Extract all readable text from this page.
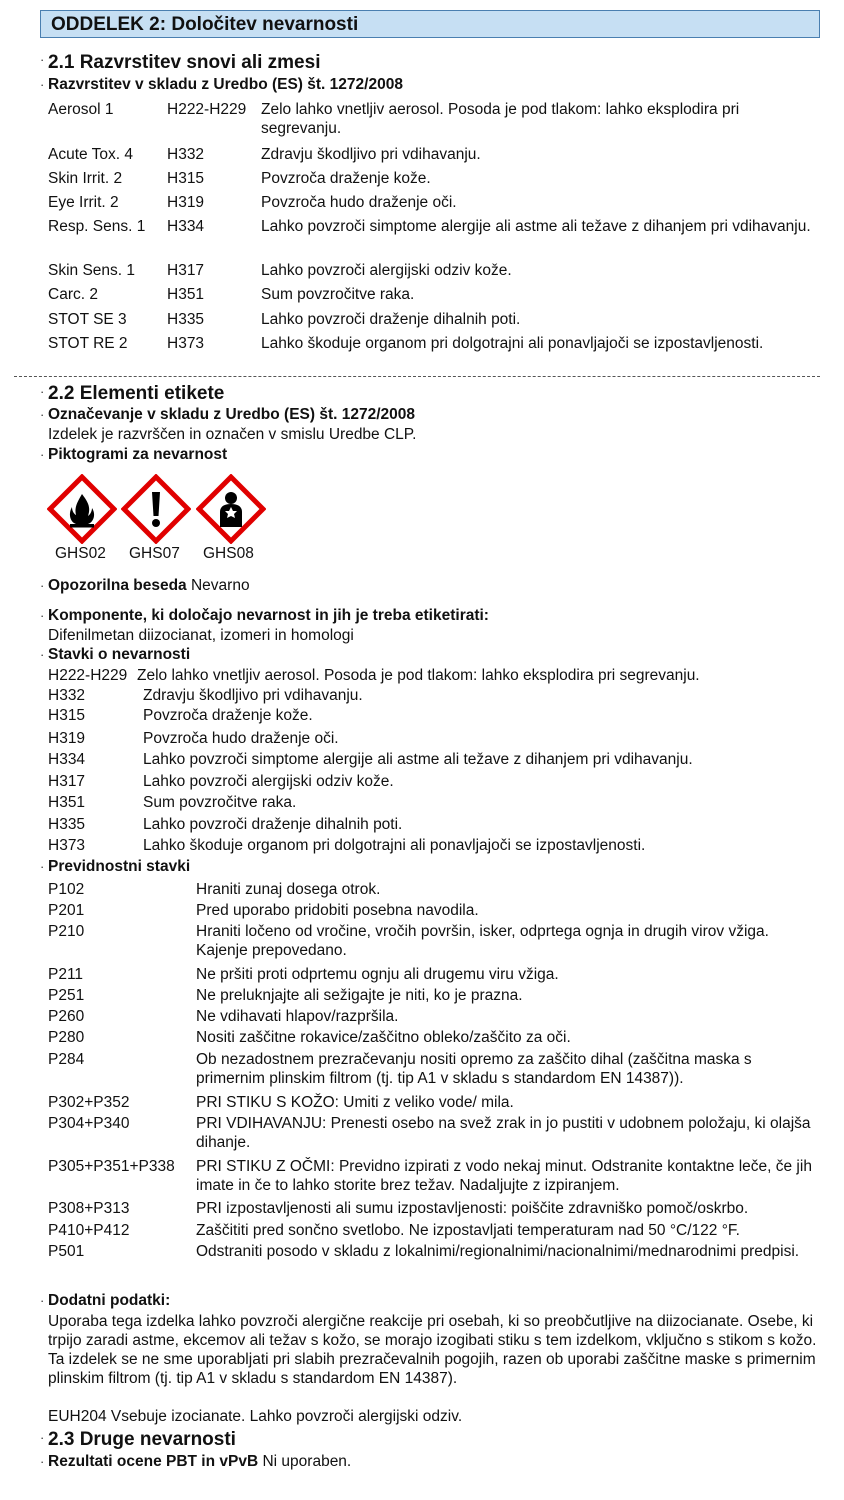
ODDELEK 2: Določitev nevarnosti
· 2.1 Razvrstitev snovi ali zmesi
· Razvrstitev v skladu z Uredbo (ES) št. 1272/2008
· 2.2 Elementi etikete
· Označevanje v skladu z Uredbo (ES) št. 1272/2008
Izdelek je razvrščen in označen v smislu Uredbe CLP.
· Piktogrami za nevarnost
GHS02 GHS07 GHS08
· Opozorilna beseda Nevarno
· Komponente, ki določajo nevarnost in jih je treba etiketirati:
Difenilmetan diizocianat, izomeri in homologi
· Stavki o nevarnosti
· Previdnostni stavki
· Dodatni podatki:
Uporaba tega izdelka lahko povzroči alergične reakcije pri osebah, ki so preobčutljive na diizocianate. Osebe, ki trpijo zaradi astme, ekcemov ali težav s kožo, se morajo izogibati stiku s tem izdelkom, vključno s stikom s kožo. Ta izdelek se ne sme uporabljati pri slabih prezračevalnih pogojih, razen ob uporabi zaščitne maske s primernim plinskim filtrom (tj. tip A1 v skladu s standardom EN 14387).
EUH204 Vsebuje izocianate. Lahko povzroči alergijski odziv.
· 2.3 Druge nevarnosti
· Rezultati ocene PBT in vPvB Ni uporaben.
Aerosol 1	H222-H229 Zelo lahko vnetljiv aerosol. Posoda je pod tlakom: lahko eksplodira pri segrevanju.
Acute Tox. 4 H332	Zdravju škodljivo pri vdihavanju.
Skin Irrit. 2	H315	Povzroča draženje kože.
Eye Irrit. 2	H319	Povzroča hudo draženje oči.
Resp. Sens. 1 H334	Lahko povzroči simptome alergije ali astme ali težave z dihanjem pri vdihavanju.
Skin Sens. 1 H317	Lahko povzroči alergijski odziv kože.
Carc. 2	H351	Sum povzročitve raka.
STOT SE 3	H335	Lahko povzroči draženje dihalnih poti.
STOT RE 2	H373	Lahko škoduje organom pri dolgotrajni ali ponavljajoči se izpostavljenosti.
H222-H229 Zelo lahko vnetljiv aerosol. Posoda je pod tlakom: lahko eksplodira pri segrevanju.
H332	Zdravju škodljivo pri vdihavanju.
H315	Povzroča draženje kože.
H319	Povzroča hudo draženje oči.
H334	Lahko povzroči simptome alergije ali astme ali težave z dihanjem pri vdihavanju.
H317	Lahko povzroči alergijski odziv kože.
H351	Sum povzročitve raka.
H335	Lahko povzroči draženje dihalnih poti.
H373	Lahko škoduje organom pri dolgotrajni ali ponavljajoči se izpostavljenosti.
P102	Hraniti zunaj dosega otrok.
P201	Pred uporabo pridobiti posebna navodila.
P210	Hraniti ločeno od vročine, vročih površin, isker, odprtega ognja in drugih virov vžiga. Kajenje prepovedano.
P211	Ne pršiti proti odprtemu ognju ali drugemu viru vžiga.
P251	Ne preluknjajte ali sežigajte je niti, ko je prazna.
P260	Ne vdihavati hlapov/razpršila.
P280	Nositi zaščitne rokavice/zaščitno obleko/zaščito za oči.
P284	Ob nezadostnem prezračevanju nositi opremo za zaščito dihal (zaščitna maska s primernim plinskim filtrom (tj. tip A1 v skladu s standardom EN 14387)).
P302+P352	PRI STIKU S KOŽO: Umiti z veliko vode/ mila.
P304+P340	PRI VDIHAVANJU: Prenesti osebo na svež zrak in jo pustiti v udobnem položaju, ki olajša dihanje.
P305+P351+P338 PRI STIKU Z OČMI: Previdno izpirati z vodo nekaj minut. Odstranite kontaktne leče, če jih imate in če to lahko storite brez težav. Nadaljujte z izpiranjem.
P308+P313	PRI izpostavljenosti ali sumu izpostavljenosti: poiščite zdravniško pomoč/oskrbo.
P410+P412	Zaščititi pred sončno svetlobo. Ne izpostavljati temperaturam nad 50 °C/122 °F.
P501	Odstraniti posodo v skladu z lokalnimi/regionalnimi/nacionalnimi/mednarodnimi predpisi.
